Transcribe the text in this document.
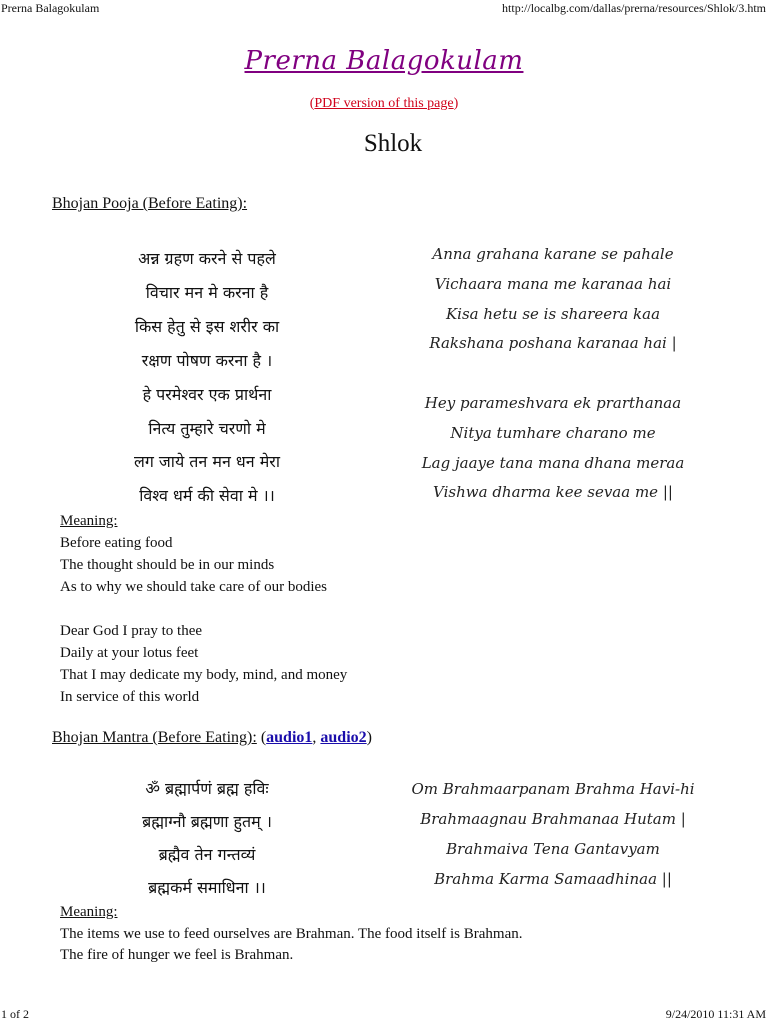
Prerna Balagokulam	http://localbg.com/dallas/prerna/resources/Shlok/3.htm
Prerna Balagokulam
(PDF version of this page)
Shlok
Bhojan Pooja (Before Eating):
अन्न ग्रहण करने से पहले
विचार मन मे करना है
किस हेतु से इस शरीर का
रक्षण पोषण करना है ।
हे परमेश्वर एक प्रार्थना
नित्य तुम्हारे चरणो मे
लग जाये तन मन धन मेरा
विश्व धर्म की सेवा मे ।।
Anna grahana karane se pahale
Vichaara mana me karanaa hai
Kisa hetu se is shareera kaa
Rakshana poshana karanaa hai |
Hey parameshvara ek prarthanaa
Nitya tumhare charano me
Lag jaaye tana mana dhana meraa
Vishwa dharma kee sevaa me ||
Meaning:
Before eating food
The thought should be in our minds
As to why we should take care of our bodies
Dear God I pray to thee
Daily at your lotus feet
That I may dedicate my body, mind, and money
In service of this world
Bhojan Mantra (Before Eating): (audio1, audio2)
ॐ ब्रह्मार्पणं ब्रह्म हविः
ब्रह्माग्नौ ब्रह्मणा हुतम् ।
ब्रह्मैव तेन गन्तव्यं
ब्रह्मकर्म समाधिना ।।
Om Brahmaarpanam Brahma Havi-hi
Brahmaagnau Brahmanaa Hutam |
Brahmaiva Tena Gantavyam
Brahma Karma Samaadhinaa ||
Meaning:
The items we use to feed ourselves are Brahman. The food itself is Brahman.
The fire of hunger we feel is Brahman.
1 of 2	9/24/2010 11:31 AM
